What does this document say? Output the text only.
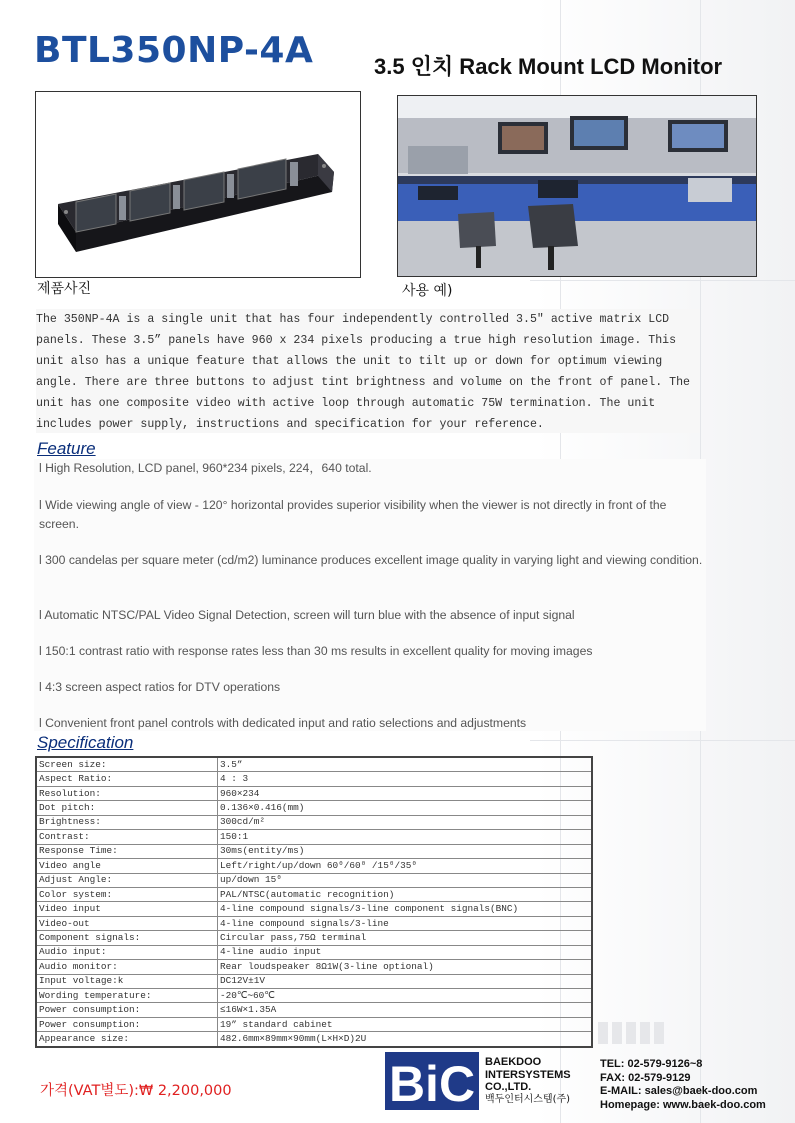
BTL350NP-4A	3.5 인치 Rack Mount LCD Monitor
제품사진	사용 예)
The 350NP-4A is a single unit that has four independently controlled 3.5″ active matrix LCD panels. These 3.5” panels have 960 x 234 pixels producing a true high resolution image. This unit also has a unique feature that allows the unit to tilt up or down for optimum viewing angle. There are three buttons to adjust tint brightness and volume on the front of panel. The unit has one composite video with active loop through automatic 75W termination. The unit includes power supply, instructions and specification for your reference.
Feature
l High Resolution, LCD panel, 960*234 pixels, 224，640 total.
l Wide viewing angle of view - 120° horizontal provides superior visibility when the viewer is not directly in front of the screen.
l 300 candelas per square meter (cd/m2) luminance produces excellent image quality in varying light and viewing condition.
l Automatic NTSC/PAL Video Signal Detection, screen will turn blue with the absence of input signal
l 150:1 contrast ratio with response rates less than 30 ms results in excellent quality for moving images
l 4:3 screen aspect ratios for DTV operations
l Convenient front panel controls with dedicated input and ratio selections and adjustments
Specification
Screen size:	3.5”
Aspect Ratio:	4 : 3
Resolution:	960×234
Dot pitch:	0.136×0.416(mm)
Brightness:	300cd/m²
Contrast:	150:1
Response Time:	30ms(entity/ms)
Video angle	Left/right/up/down 60⁰/60⁰ /15⁰/35⁰
Adjust Angle:	up/down 15⁰
Color system:	PAL/NTSC(automatic recognition)
Video input	4-line compound signals/3-line component signals(BNC)
Video-out	4-line compound signals/3-line
Component signals:	Circular pass,75Ω terminal
Audio input:	4-line audio input
Audio monitor:	Rear loudspeaker 8Ω1W(3-line optional)
Input voltage:k	DC12V±1V
Wording temperature:	-20℃∼60℃
Power consumption:	≤16W×1.35A
Power consumption:	19” standard cabinet
Appearance size:	482.6mm×89mm×90mm(L×H×D)2U
가격(VAT별도):₩ 2,200,000	BiC BAEKDOO
INTERSYSTEMS
CO.,LTD.
백두인터시스템(주)
TEL: 02-579-9126~8
FAX: 02-579-9129
E-MAIL: sales@baek-doo.com
Homepage: www.baek-doo.com
